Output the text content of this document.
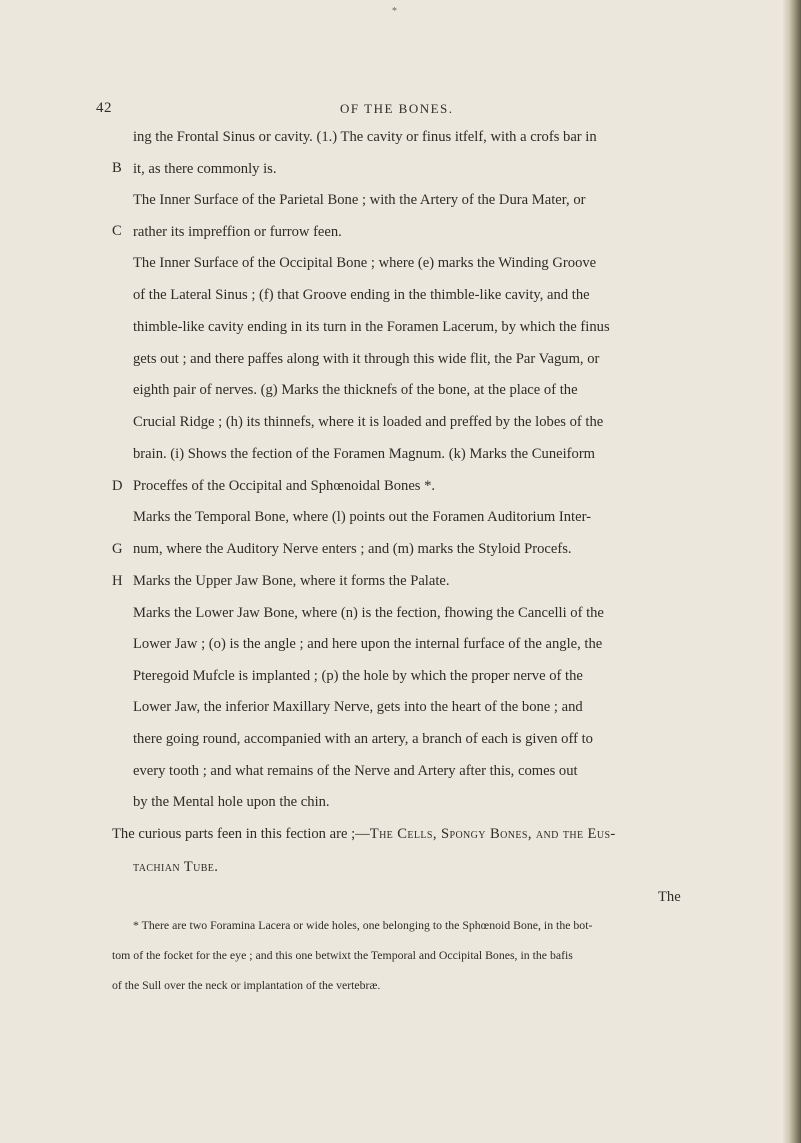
*
42	OF THE BONES.
B
C
D
G
H
ing the Frontal Sinus or cavity. (1.) The cavity or finus itfelf, with a crofs bar in
it, as there commonly is.
The Inner Surface of the Parietal Bone ; with the Artery of the Dura Mater, or
rather its impreffion or furrow feen.
The Inner Surface of the Occipital Bone ; where (e) marks the Winding Groove
of the Lateral Sinus ; (f) that Groove ending in the thimble-like cavity, and the
thimble-like cavity ending in its turn in the Foramen Lacerum, by which the finus
gets out ; and there paffes along with it through this wide flit, the Par Vagum, or
eighth pair of nerves. (g) Marks the thicknefs of the bone, at the place of the
Crucial Ridge ; (h) its thinnefs, where it is loaded and preffed by the lobes of the
brain. (i) Shows the fection of the Foramen Magnum. (k) Marks the Cuneiform
Proceffes of the Occipital and Sphœnoidal Bones *.
Marks the Temporal Bone, where (l) points out the Foramen Auditorium Inter-
num, where the Auditory Nerve enters ; and (m) marks the Styloid Procefs.
Marks the Upper Jaw Bone, where it forms the Palate.
Marks the Lower Jaw Bone, where (n) is the fection, fhowing the Cancelli of the
Lower Jaw ; (o) is the angle ; and here upon the internal furface of the angle, the
Pteregoid Mufcle is implanted ; (p) the hole by which the proper nerve of the
Lower Jaw, the inferior Maxillary Nerve, gets into the heart of the bone ; and
there going round, accompanied with an artery, a branch of each is given off to
every tooth ; and what remains of the Nerve and Artery after this, comes out
by the Mental hole upon the chin.
The curious parts feen in this fection are ;—The Cells, Spongy Bones, and the Eus-
tachian Tube.
The
* There are two Foramina Lacera or wide holes, one belonging to the Sphœnoid Bone, in the bot-
tom of the focket for the eye ; and this one betwixt the Temporal and Occipital Bones, in the bafis
of the Sull over the neck or implantation of the vertebræ.
